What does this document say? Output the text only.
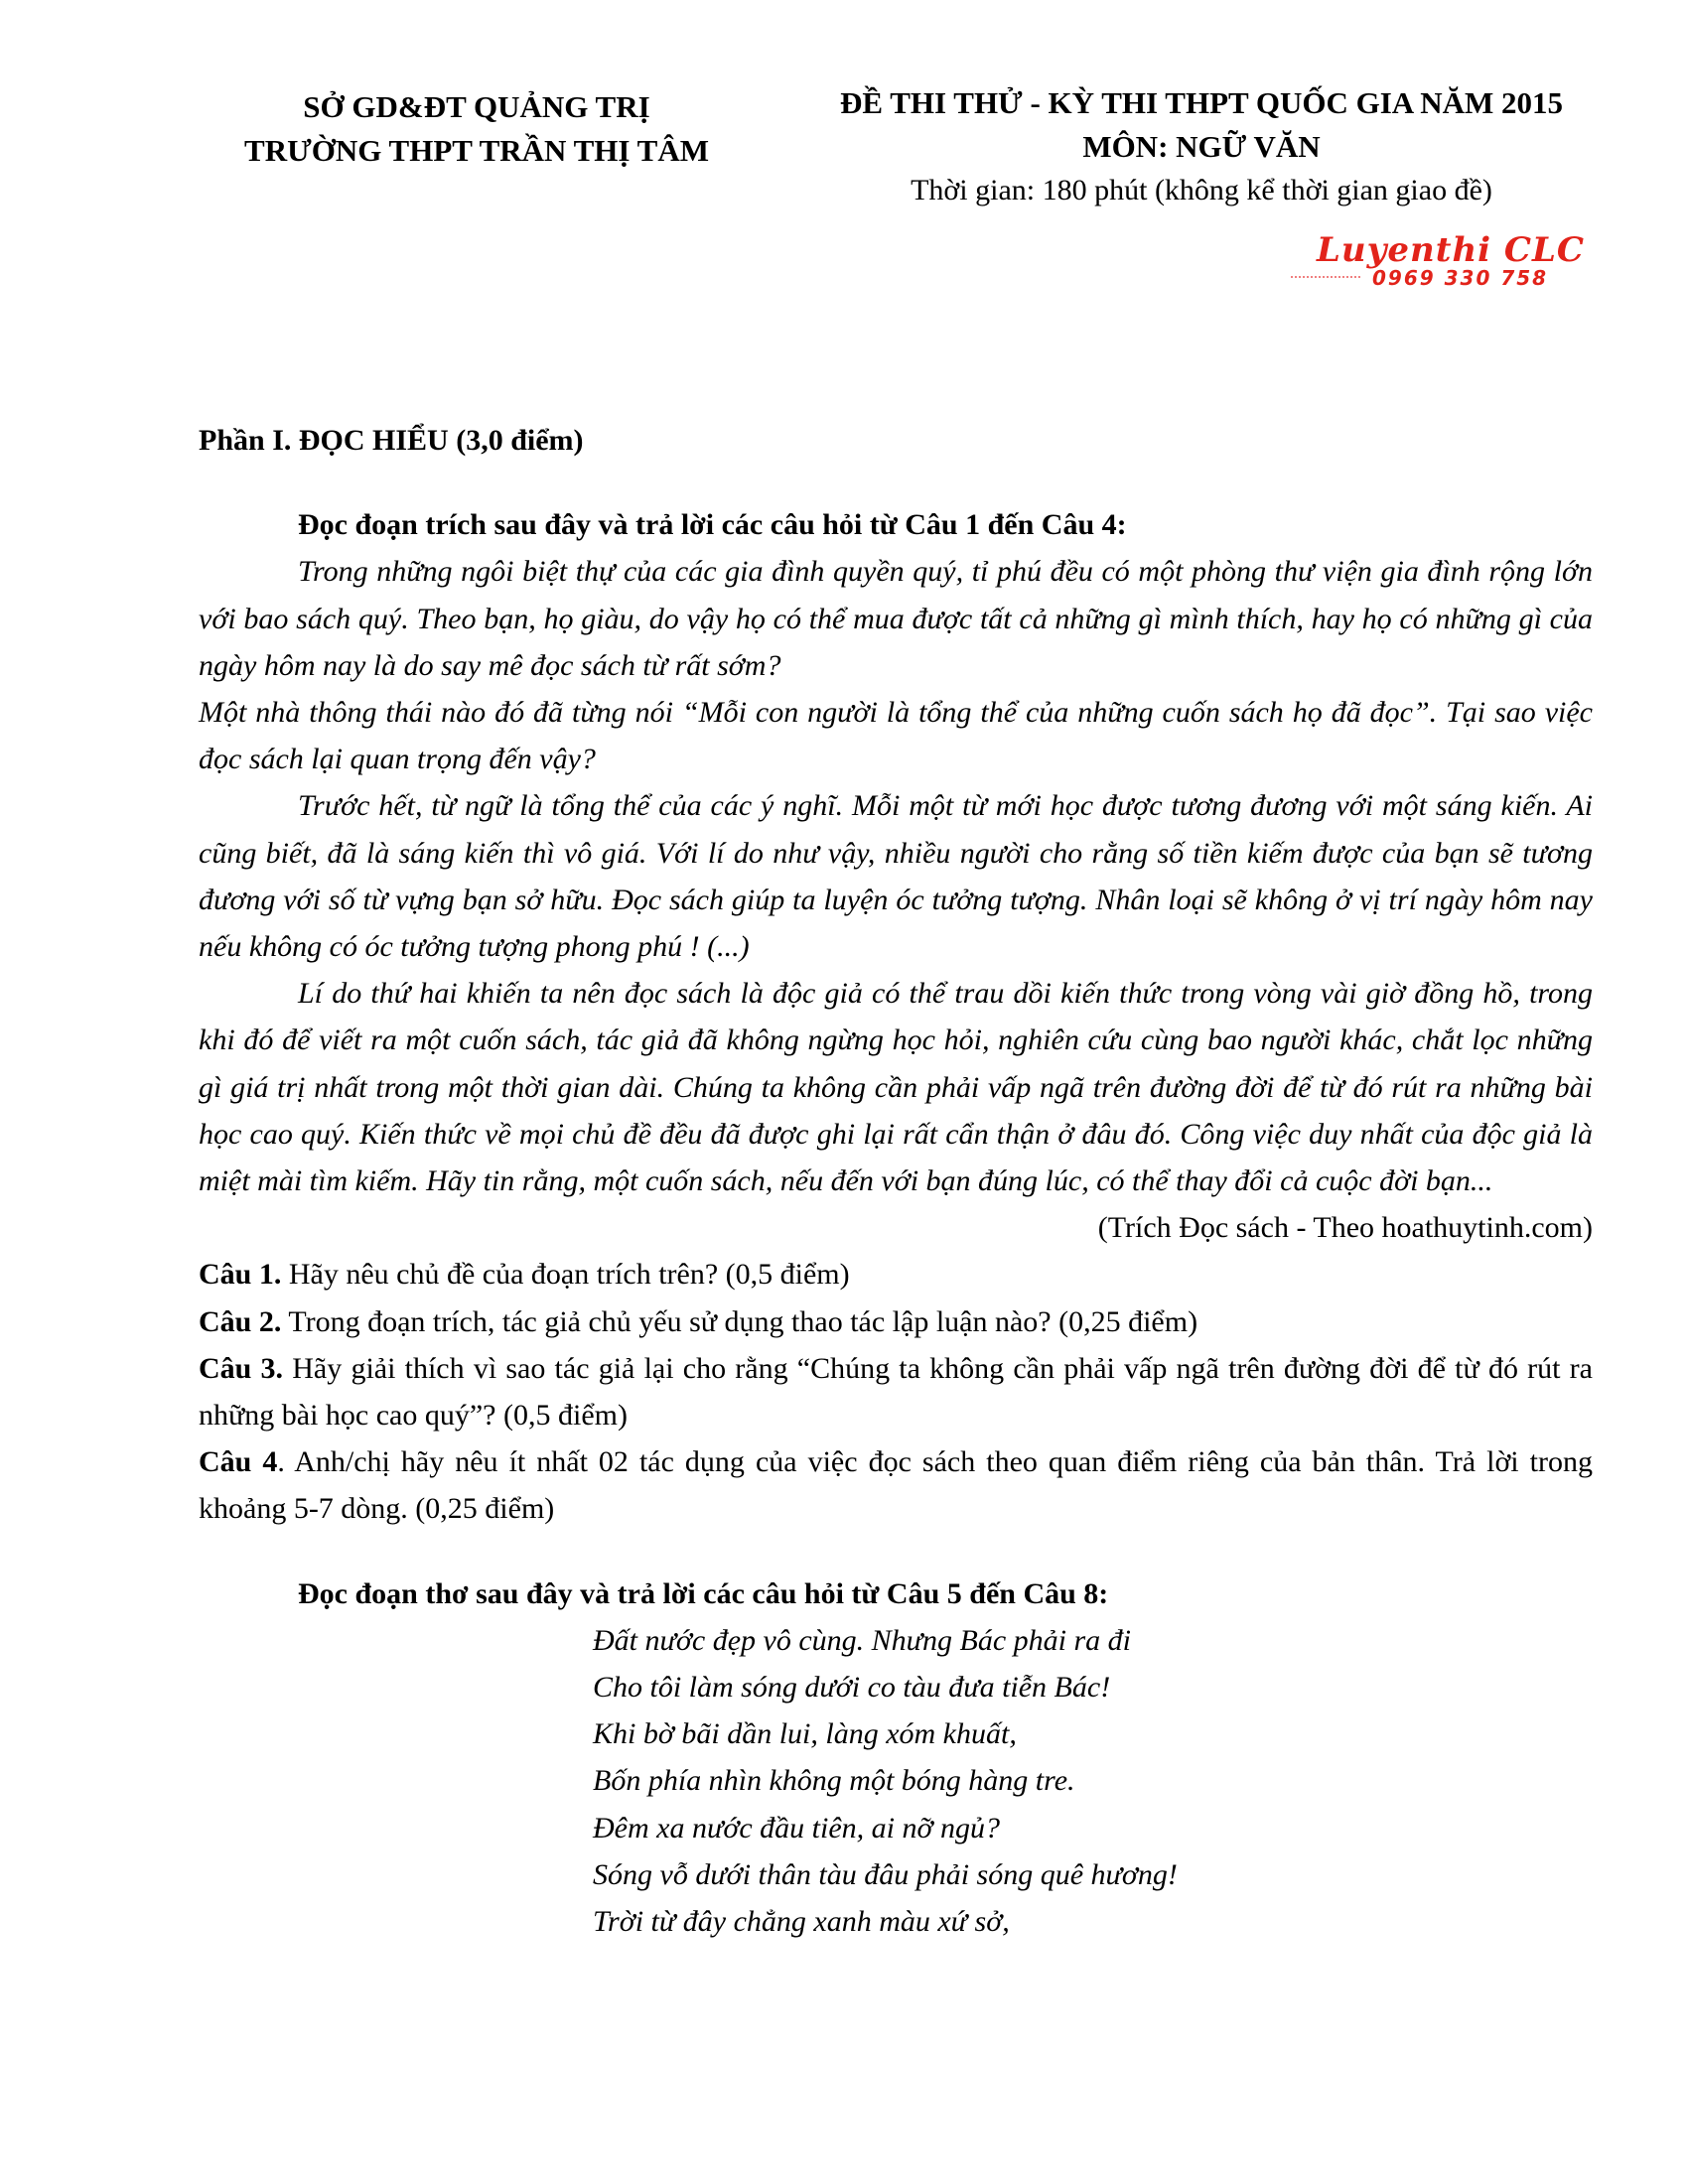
SỞ GD&ĐT QUẢNG TRỊ
TRƯỜNG THPT TRẦN THỊ TÂM
ĐỀ THI THỬ - KỲ THI THPT QUỐC GIA NĂM 2015
MÔN: NGỮ VĂN
Thời gian: 180 phút (không kể thời gian giao đề)
Luyenthi CLC
0969 330 758

Phần I. ĐỌC HIỂU (3,0 điểm)

Đọc đoạn trích sau đây và trả lời các câu hỏi từ Câu 1 đến Câu 4:

Trong những ngôi biệt thự của các gia đình quyền quý, tỉ phú đều có một phòng thư viện gia đình rộng lớn với bao sách quý. Theo bạn, họ giàu, do vậy họ có thể mua được tất cả những gì mình thích, hay họ có những gì của ngày hôm nay là do say mê đọc sách từ rất sớm?

Một nhà thông thái nào đó đã từng nói “Mỗi con người là tổng thể của những cuốn sách họ đã đọc”. Tại sao việc đọc sách lại quan trọng đến vậy?

Trước hết, từ ngữ là tổng thể của các ý nghĩ. Mỗi một từ mới học được tương đương với một sáng kiến. Ai cũng biết, đã là sáng kiến thì vô giá. Với lí do như vậy, nhiều người cho rằng số tiền kiếm được của bạn sẽ tương đương với số từ vựng bạn sở hữu. Đọc sách giúp ta luyện óc tưởng tượng. Nhân loại sẽ không ở vị trí ngày hôm nay nếu không có óc tưởng tượng phong phú ! (...)

Lí do thứ hai khiến ta nên đọc sách là độc giả có thể trau dồi kiến thức trong vòng vài giờ đồng hồ, trong khi đó để viết ra một cuốn sách, tác giả đã không ngừng học hỏi, nghiên cứu cùng bao người khác, chắt lọc những gì giá trị nhất trong một thời gian dài. Chúng ta không cần phải vấp ngã trên đường đời để từ đó rút ra những bài học cao quý. Kiến thức về mọi chủ đề đều đã được ghi lại rất cẩn thận ở đâu đó. Công việc duy nhất của độc giả là miệt mài tìm kiếm. Hãy tin rằng, một cuốn sách, nếu đến với bạn đúng lúc, có thể thay đổi cả cuộc đời bạn...

(Trích Đọc sách - Theo hoathuytinh.com)

Câu 1. Hãy nêu chủ đề của đoạn trích trên? (0,5 điểm)

Câu 2. Trong đoạn trích, tác giả chủ yếu sử dụng thao tác lập luận nào? (0,25 điểm)

Câu 3. Hãy giải thích vì sao tác giả lại cho rằng “Chúng ta không cần phải vấp ngã trên đường đời để từ đó rút ra những bài học cao quý”? (0,5 điểm)

Câu 4. Anh/chị hãy nêu ít nhất 02 tác dụng của việc đọc sách theo quan điểm riêng của bản thân. Trả lời trong khoảng 5-7 dòng. (0,25 điểm)

Đọc đoạn thơ sau đây và trả lời các câu hỏi từ Câu 5 đến Câu 8:

Đất nước đẹp vô cùng. Nhưng Bác phải ra đi
Cho tôi làm sóng dưới co tàu đưa tiễn Bác!
Khi bờ bãi dần lui, làng xóm khuất,
Bốn phía nhìn không một bóng hàng tre.
Đêm xa nước đầu tiên, ai nỡ ngủ?
Sóng vỗ dưới thân tàu đâu phải sóng quê hương!
Trời từ đây chẳng xanh màu xứ sở,
